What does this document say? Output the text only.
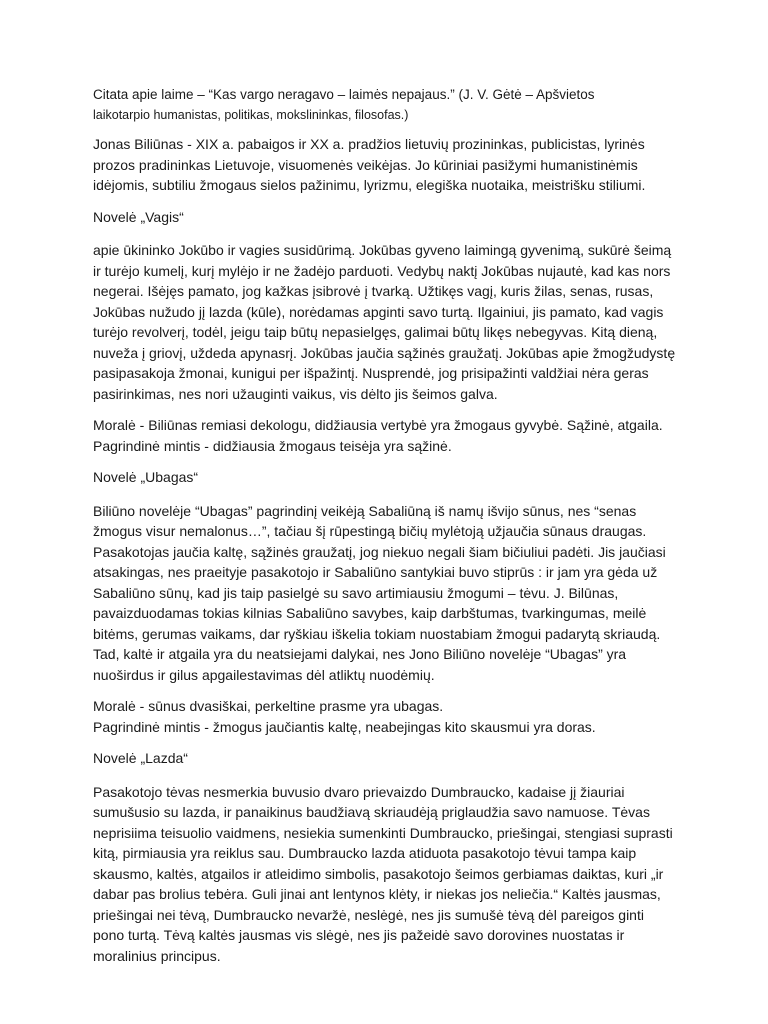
Citata apie laime – “Kas vargo neragavo – laimės nepajaus.” (J. V. Gėtė – Apšvietos
laikotarpio humanistas, politikas, mokslininkas, filosofas.)

Jonas Biliūnas - XIX a. pabaigos ir XX a. pradžios lietuvių prozininkas, publicistas, lyrinės prozos pradininkas Lietuvoje, visuomenės veikėjas. Jo kūriniai pasižymi humanistinėmis idėjomis, subtiliu žmogaus sielos pažinimu, lyrizmu, elegiška nuotaika, meistrišku stiliumi.

Novelė „Vagis“

apie ūkininko Jokūbo ir vagies susidūrimą. Jokūbas gyveno laimingą gyvenimą, sukūrė šeimą ir turėjo kumelį, kurį mylėjo ir ne žadėjo parduoti. Vedybų naktį Jokūbas nujautė, kad kas nors negerai. Išėjęs pamato, jog kažkas įsibrovė į tvarką. Užtikęs vagį, kuris žilas, senas, rusas, Jokūbas nužudo jį lazda (kūle), norėdamas apginti savo turtą. Ilgainiui, jis pamato, kad vagis turėjo revolverį, todėl, jeigu taip būtų nepasielgęs, galimai būtų likęs nebegyvas. Kitą dieną, nuveža į griovį, uždeda apynasrį. Jokūbas jaučia sąžinės graužatį. Jokūbas apie žmogžudystę pasipasakoja žmonai, kunigui per išpažintį. Nusprendė, jog prisipažinti valdžiai nėra geras pasirinkimas, nes nori užauginti vaikus, vis dėlto jis šeimos galva.

Moralė - Biliūnas remiasi dekologu, didžiausia vertybė yra žmogaus gyvybė. Sąžinė, atgaila.

Pagrindinė mintis - didžiausia žmogaus teisėja yra sąžinė.

Novelė „Ubagas“

Biliūno novelėje “Ubagas” pagrindinį veikėją Sabaliūną iš namų išvijo sūnus, nes “senas žmogus visur nemalonus…”, tačiau šį rūpestingą bičių mylėtoją užjaučia sūnaus draugas. Pasakotojas jaučia kaltę, sąžinės graužatį, jog niekuo negali šiam bičiuliui padėti. Jis jaučiasi atsakingas, nes praeityje pasakotojo ir Sabaliūno santykiai buvo stiprūs : ir jam yra gėda už Sabaliūno sūnų, kad jis taip pasielgė su savo artimiausiu žmogumi – tėvu. J. Bilūnas, pavaizduodamas tokias kilnias Sabaliūno savybes, kaip darbštumas, tvarkingumas, meilė bitėms, gerumas vaikams, dar ryškiau iškelia tokiam nuostabiam žmogui padarytą skriaudą. Tad, kaltė ir atgaila yra du neatsiejami dalykai, nes Jono Biliūno novelėje “Ubagas” yra nuoširdus ir gilus apgailestavimas dėl atliktų nuodėmių.

Moralė - sūnus dvasiškai, perkeltine prasme yra ubagas.

Pagrindinė mintis - žmogus jaučiantis kaltę, neabejingas kito skausmui yra doras.

Novelė „Lazda“

Pasakotojo tėvas nesmerkia buvusio dvaro prievaizdo Dumbraucko, kadaise jį žiauriai sumušusio su lazda, ir panaikinus baudžiavą skriaudėją priglaudžia savo namuose. Tėvas neprisiima teisuolio vaidmens, nesiekia sumenkinti Dumbraucko, priešingai, stengiasi suprasti kitą, pirmiausia yra reiklus sau. Dumbraucko lazda atiduota pasakotojo tėvui tampa kaip skausmo, kaltės, atgailos ir atleidimo simbolis, pasakotojo šeimos gerbiamas daiktas, kuri „ir dabar pas brolius tebėra. Guli jinai ant lentynos klėty, ir niekas jos neliečia.“ Kaltės jausmas, priešingai nei tėvą, Dumbraucko nevaržė, neslėgė, nes jis sumušė tėvą dėl pareigos ginti pono turtą. Tėvą kaltės jausmas vis slėgė, nes jis pažeidė savo dorovines nuostatas ir moralinius principus.
